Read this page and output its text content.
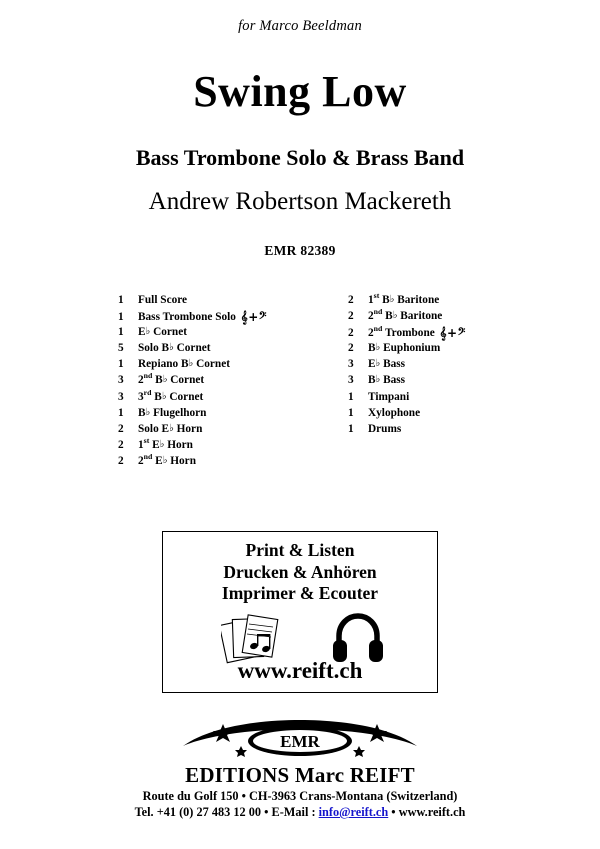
for Marco Beeldman
Swing Low
Bass Trombone Solo & Brass Band
Andrew Robertson Mackereth
EMR 82389
1	Full Score
1	Bass Trombone Solo 𝄞+𝄢
1	E♭ Cornet
5	Solo B♭ Cornet
1	Repiano B♭ Cornet
3	2nd B♭ Cornet
3	3rd B♭ Cornet
1	B♭ Flugelhorn
2	Solo E♭ Horn
2	1st E♭ Horn
2	2nd E♭ Horn
2	1st B♭ Baritone
2	2nd B♭ Baritone
2	2nd Trombone 𝄞+𝄢
2	B♭ Euphonium
3	E♭ Bass
3	B♭ Bass
1	Timpani
1	Xylophone
1	Drums
Print & Listen
Drucken & Anhören
Imprimer & Ecouter
www.reift.ch
EMR
EDITIONS Marc REIFT
Route du Golf 150 • CH-3963 Crans-Montana (Switzerland)
Tel. +41 (0) 27 483 12 00 • E-Mail : info@reift.ch • www.reift.ch
